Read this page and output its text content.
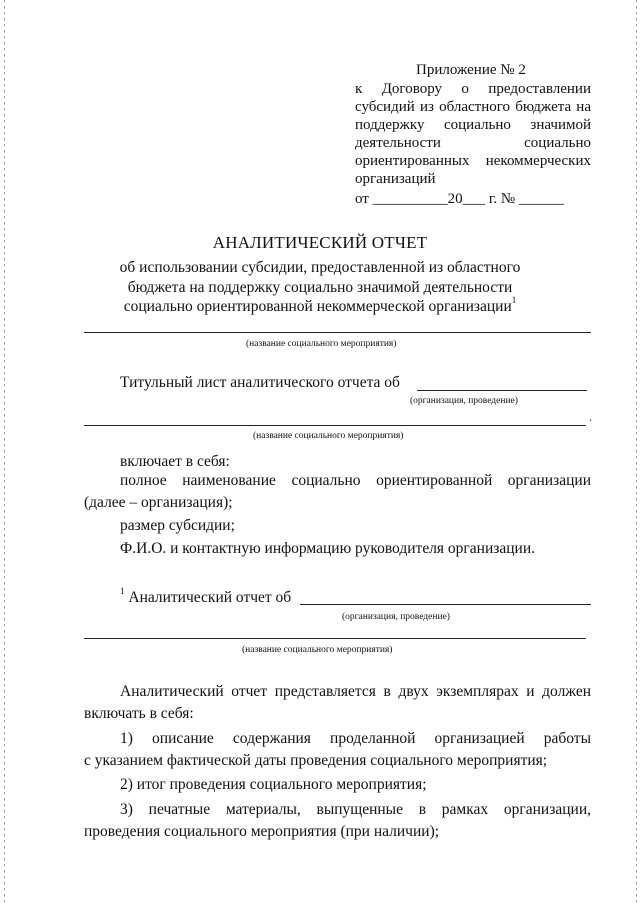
Приложение № 2
к Договору о предоставлении
субсидий из областного бюджета на
поддержку социально значимой
деятельности социально
ориентированных некоммерческих
организаций
от __________20___ г. № ______
АНАЛИТИЧЕСКИЙ ОТЧЕТ
об использовании субсидии, предоставленной из областного
бюджета на поддержку социально значимой деятельности
социально ориентированной некоммерческой организации$^1$
(название социального мероприятия)
Титульный лист аналитического отчета об
(организация, проведение)
.
(название социального мероприятия)
включает в себя:
полное наименование социально ориентированной организации
(далее – организация);
размер субсидии;
Ф.И.О. и контактную информацию руководителя организации.
$^1$ Аналитический отчет об
(организация, проведение)
(название социального мероприятия)
Аналитический отчет представляется в двух экземплярах и должен
включать в себя:
1) описание содержания проделанной организацией работы
с указанием фактической даты проведения социального мероприятия;
2) итог проведения социального мероприятия;
3) печатные материалы, выпущенные в рамках организации,
проведения социального мероприятия (при наличии);
